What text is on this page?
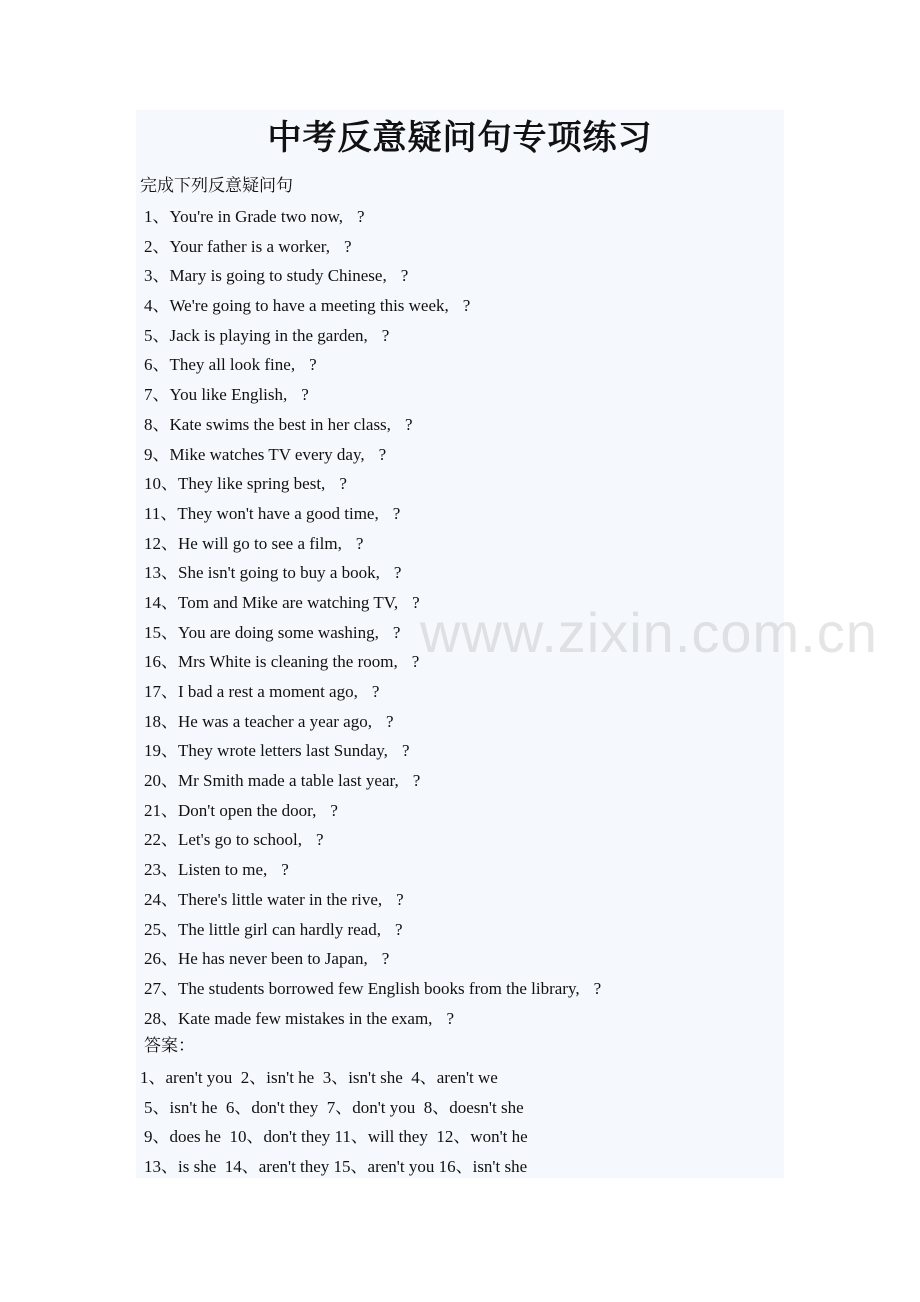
中考反意疑问句专项练习
完成下列反意疑问句
1、You're in Grade two now, ?
2、Your father is a worker, ?
3、Mary is going to study Chinese, ?
4、We're going to have a meeting this week, ?
5、Jack is playing in the garden, ?
6、They all look fine, ?
7、You like English, ?
8、Kate swims the best in her class, ?
9、Mike watches TV every day, ?
10、They like spring best, ?
11、They won't have a good time, ?
12、He will go to see a film, ?
13、She isn't going to buy a book, ?
14、Tom and Mike are watching TV, ?
15、You are doing some washing, ?
16、Mrs White is cleaning the room, ?
17、I bad a rest a moment ago, ?
18、He was a teacher a year ago, ?
19、They wrote letters last Sunday, ?
20、Mr Smith made a table last year, ?
21、Don't open the door, ?
22、Let's go to school, ?
23、Listen to me, ?
24、There's little water in the rive, ?
25、The little girl can hardly read, ?
26、He has never been to Japan, ?
27、The students borrowed few English books from the library, ?
28、Kate made few mistakes in the exam, ?
答案：
1、aren't you  2、isn't he  3、isn't she  4、aren't we
5、isn't he  6、don't they  7、don't you  8、doesn't she
9、does he  10、don't they 11、will they  12、won't he
13、is she  14、aren't they 15、aren't you 16、isn't she
www.zixin.com.cn
